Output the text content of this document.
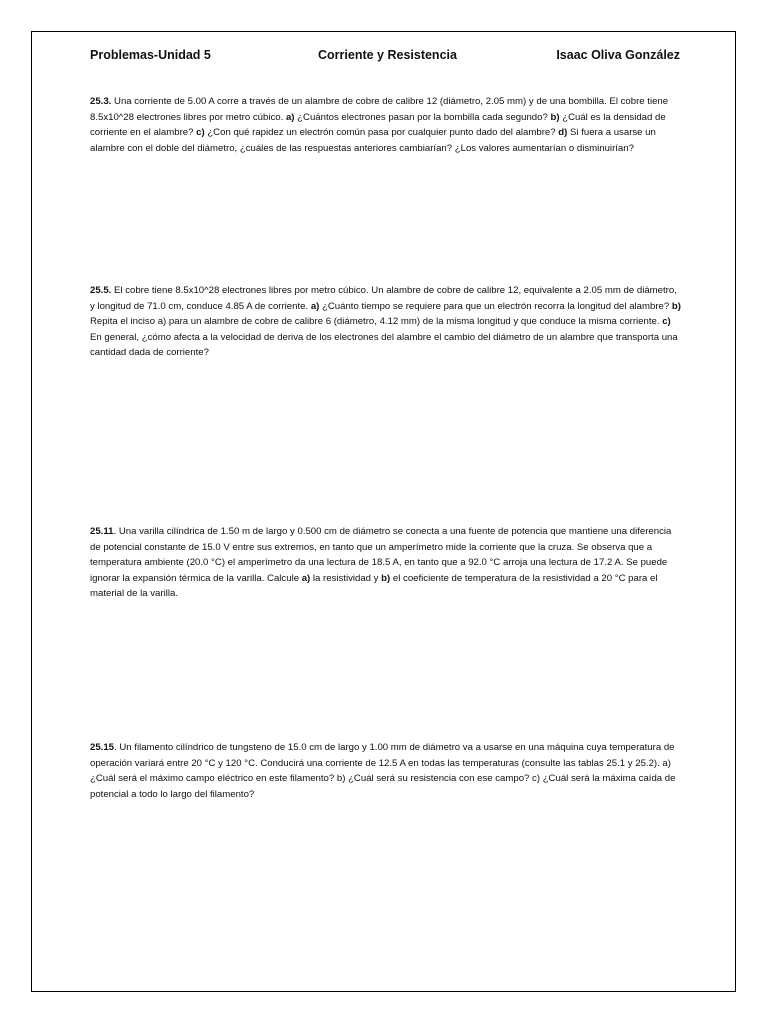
Problemas-Unidad 5	Corriente y Resistencia	Isaac Oliva González

25.3. Una corriente de 5.00 A corre a través de un alambre de cobre de calibre 12 (diámetro, 2.05 mm) y de una bombilla. El cobre tiene 8.5x10^28 electrones libres por metro cúbico. a) ¿Cuántos electrones pasan por la bombilla cada segundo? b) ¿Cuál es la densidad de corriente en el alambre? c) ¿Con qué rapidez un electrón común pasa por cualquier punto dado del alambre? d) Si fuera a usarse un alambre con el doble del diámetro, ¿cuáles de las respuestas anteriores cambiarían? ¿Los valores aumentarían o disminuirían?

25.5. El cobre tiene 8.5x10^28 electrones libres por metro cúbico. Un alambre de cobre de calibre 12, equivalente a 2.05 mm de diámetro, y longitud de 71.0 cm, conduce 4.85 A de corriente. a) ¿Cuánto tiempo se requiere para que un electrón recorra la longitud del alambre? b) Repita el inciso a) para un alambre de cobre de calibre 6 (diámetro, 4.12 mm) de la misma longitud y que conduce la misma corriente. c) En general, ¿cómo afecta a la velocidad de deriva de los electrones del alambre el cambio del diámetro de un alambre que transporta una cantidad dada de corriente?

25.11. Una varilla cilíndrica de 1.50 m de largo y 0.500 cm de diámetro se conecta a una fuente de potencia que mantiene una diferencia de potencial constante de 15.0 V entre sus extremos, en tanto que un amperímetro mide la corriente que la cruza. Se observa que a temperatura ambiente (20.0 °C) el amperímetro da una lectura de 18.5 A, en tanto que a 92.0 °C arroja una lectura de 17.2 A. Se puede ignorar la expansión térmica de la varilla. Calcule a) la resistividad y b) el coeficiente de temperatura de la resistividad a 20 °C para el material de la varilla.

25.15. Un filamento cilíndrico de tungsteno de 15.0 cm de largo y 1.00 mm de diámetro va a usarse en una máquina cuya temperatura de operación variará entre 20 °C y 120 °C. Conducirá una corriente de 12.5 A en todas las temperaturas (consulte las tablas 25.1 y 25.2). a) ¿Cuál será el máximo campo eléctrico en este filamento? b) ¿Cuál será su resistencia con ese campo? c) ¿Cuál será la máxima caída de potencial a todo lo largo del filamento?
